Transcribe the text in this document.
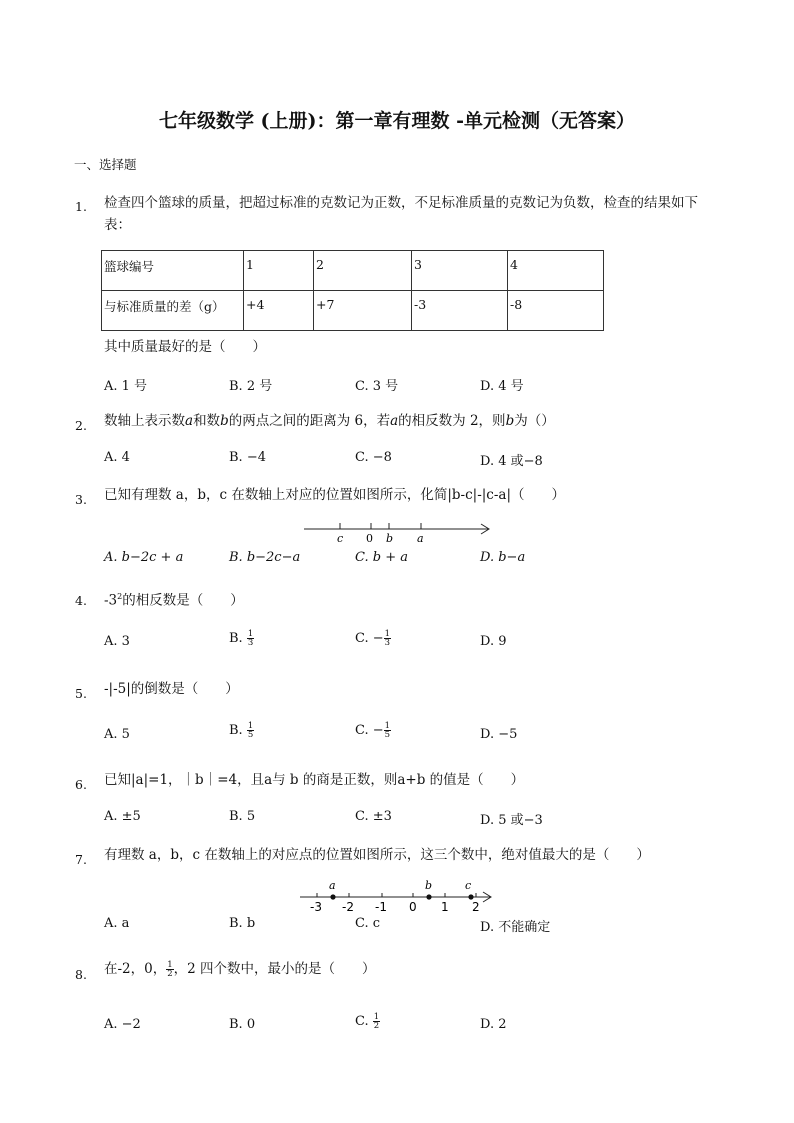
七年级数学 (上册)：第一章有理数 -单元检测（无答案）
一、选择题
1. 检查四个篮球的质量，把超过标准的克数记为正数，不足标准质量的克数记为负数，检查的结果如下
表：
篮球编号	1	2	3	4
与标准质量的差（g）	+4	+7	-3	-8
其中质量最好的是（　　）
A. 1 号	B. 2 号	C. 3 号	D. 4 号
2. 数轴上表示数a和数b的两点之间的距离为 6，若a的相反数为 2，则b为（）
A. 4	B. −4	C. −8	D. 4 或−8
3. 已知有理数 a，b，c 在数轴上对应的位置如图所示，化简|b-c|-|c-a|（　　）
c 0 b a
A. b−2c + a	B. b−2c−a	C. b + a	D. b−a
4. $-3^2$的相反数是（　　）
A. 3	B. $\frac{1}{3}$	C. − $\frac{1}{3}$	D. 9
5. -|-5|的倒数是（　　）
A. 5	B. $\frac{1}{5}$	C. − $\frac{1}{5}$	D. −5
6. 已知|a|=1，｜b｜=4，且a与 b 的商是正数，则a+b 的值是（　　）
A. ±5	B. 5	C. ±3	D. 5 或−3
7. 有理数 a，b，c 在数轴上的对应点的位置如图所示，这三个数中，绝对值最大的是（　　）
a	b	c
-3 -2 -1 0 1 2
A. a	B. b	C. c	D. 不能确定
8. 在-2，0， $\frac{1}{2}$ ，2 四个数中，最小的是（　　）
A. −2	B. 0	C. $\frac{1}{2}$	D. 2
